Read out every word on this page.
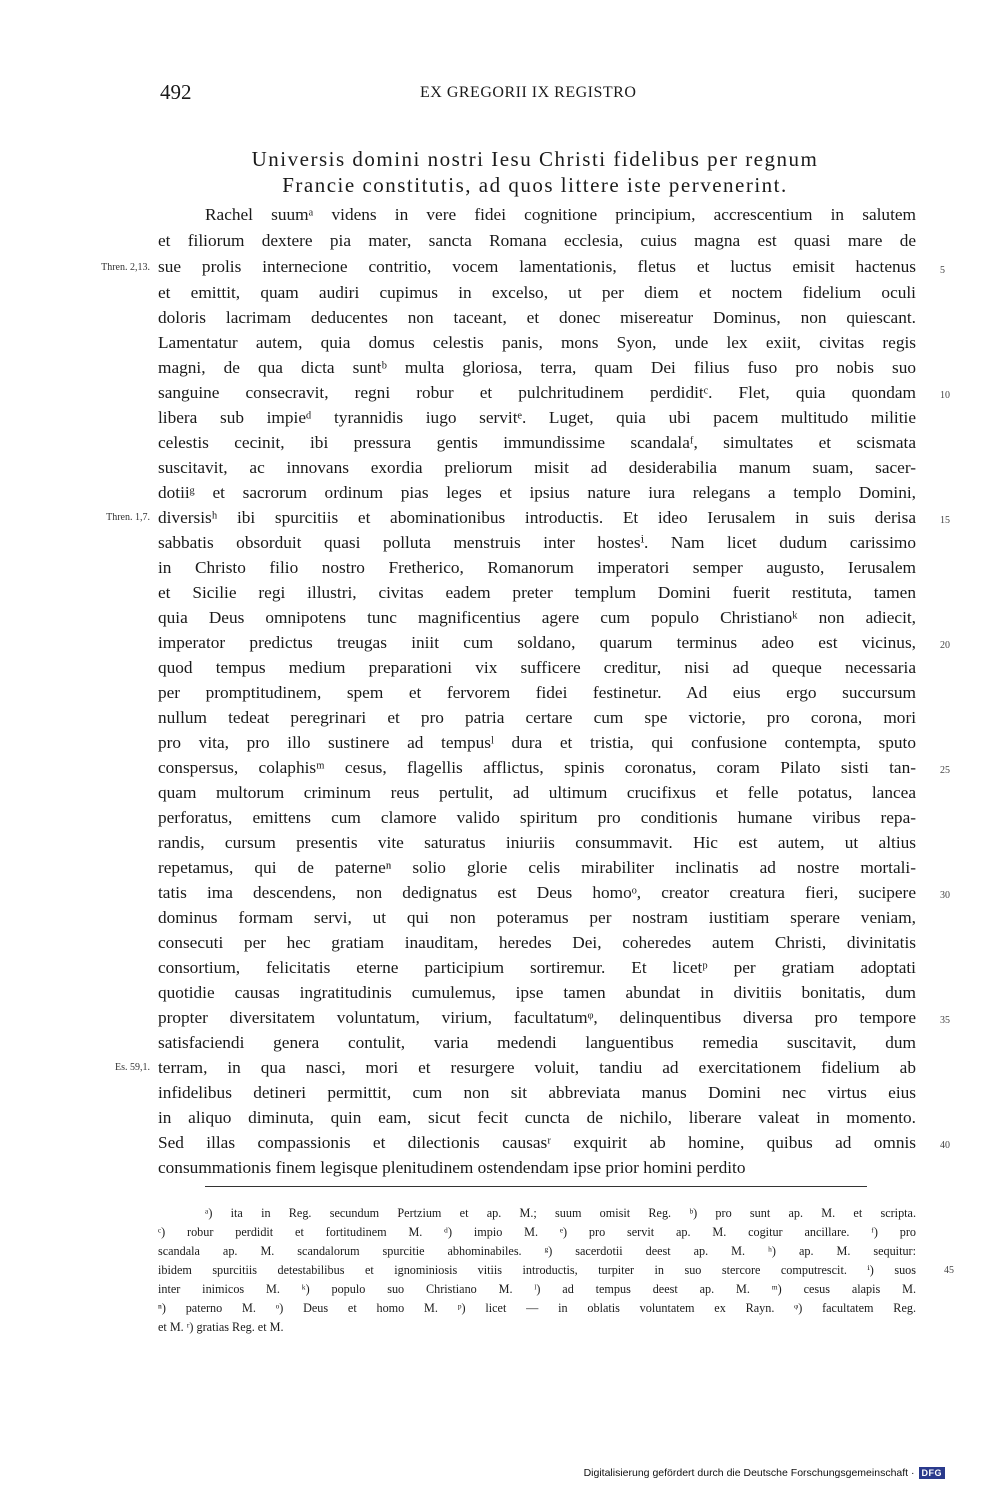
492	EX GREGORII IX REGISTRO
Universis domini nostri Iesu Christi fidelibus per regnum
Francie constitutis, ad quos littere iste pervenerint.
Rachel suumᵃ videns in vere fidei cognitione principium, accrescentium in salutem
et filiorum dextere pia mater, sancta Romana ecclesia, cuius magna est quasi mare de
sue prolis internecione contritio, vocem lamentationis, fletus et luctus emisit hactenus
et emittit, quam audiri cupimus in excelso, ut per diem et noctem fidelium oculi
doloris lacrimam deducentes non taceant, et donec misereatur Dominus, non quiescant.
Lamentatur autem, quia domus celestis panis, mons Syon, unde lex exiit, civitas regis
magni, de qua dicta suntᵇ multa gloriosa, terra, quam Dei filius fuso pro nobis suo
sanguine consecravit, regni robur et pulchritudinem perdiditᶜ. Flet, quia quondam
libera sub impieᵈ tyrannidis iugo servitᵉ. Luget, quia ubi pacem multitudo militie
celestis cecinit, ibi pressura gentis immundissime scandalaᶠ, simultates et scismata
suscitavit, ac innovans exordia preliorum misit ad desiderabilia manum suam, sacer-
dotiiᵍ et sacrorum ordinum pias leges et ipsius nature iura relegans a templo Domini,
diversisʰ ibi spurcitiis et abominationibus introductis. Et ideo Ierusalem in suis derisa
sabbatis obsorduit quasi polluta menstruis inter hostesⁱ. Nam licet dudum carissimo
in Christo filio nostro Fretherico, Romanorum imperatori semper augusto, Ierusalem
et Sicilie regi illustri, civitas eadem preter templum Domini fuerit restituta, tamen
quia Deus omnipotens tunc magnificentius agere cum populo Christianoᵏ non adiecit,
imperator predictus treugas iniit cum soldano, quarum terminus adeo est vicinus,
quod tempus medium preparationi vix sufficere creditur, nisi ad queque necessaria
per promptitudinem, spem et fervorem fidei festinetur. Ad eius ergo succursum
nullum tedeat peregrinari et pro patria certare cum spe victorie, pro corona, mori
pro vita, pro illo sustinere ad tempusˡ dura et tristia, qui confusione contempta, sputo
conspersus, colaphisᵐ cesus, flagellis afflictus, spinis coronatus, coram Pilato sisti tan-
quam multorum criminum reus pertulit, ad ultimum crucifixus et felle potatus, lancea
perforatus, emittens cum clamore valido spiritum pro conditionis humane viribus repa-
randis, cursum presentis vite saturatus iniuriis consummavit. Hic est autem, ut altius
repetamus, qui de paterneⁿ solio glorie celis mirabiliter inclinatis ad nostre mortali-
tatis ima descendens, non dedignatus est Deus homoᵒ, creator creatura fieri, sucipere
dominus formam servi, ut qui non poteramus per nostram iustitiam sperare veniam,
consecuti per hec gratiam inauditam, heredes Dei, coheredes autem Christi, divinitatis
consortium, felicitatis eterne participium sortiremur. Et licetᵖ per gratiam adoptati
quotidie causas ingratitudinis cumulemus, ipse tamen abundat in divitiis bonitatis, dum
propter diversitatem voluntatum, virium, facultatumᵠ, delinquentibus diversa pro tempore
satisfaciendi genera contulit, varia medendi languentibus remedia suscitavit, dum
terram, in qua nasci, mori et resurgere voluit, tandiu ad exercitationem fidelium ab
infidelibus detineri permittit, cum non sit abbreviata manus Domini nec virtus eius
in aliquo diminuta, quin eam, sicut fecit cuncta de nichilo, liberare valeat in momento.
Sed illas compassionis et dilectionis causasʳ exquirit ab homine, quibus ad omnis
consummationis finem legisque plenitudinem ostendendam ipse prior homini perdito
5
10
15
20
25
30
35
40
Thren. 2,13.
Thren. 1,7.
Es. 59,1.
ᵃ) ita in Reg. secundum Pertzium et ap. M.; suum omisit Reg. ᵇ) pro sunt ap. M. et scripta.
ᶜ) robur perdidit et fortitudinem M. ᵈ) impio M. ᵉ) pro servit ap. M. cogitur ancillare. ᶠ) pro
scandala ap. M. scandalorum spurcitie abhominabiles. ᵍ) sacerdotii deest ap. M. ʰ) ap. M. sequitur:
ibidem spurcitiis detestabilibus et ignominiosis vitiis introductis, turpiter in suo stercore computrescit. ⁱ) suos
inter inimicos M. ᵏ) populo suo Christiano M. ˡ) ad tempus deest ap. M. ᵐ) cesus alapis M.
ⁿ) paterno M. ᵒ) Deus et homo M. ᵖ) licet — in oblatis voluntatem ex Rayn. ᵠ) facultatem Reg.
et M. ʳ) gratias Reg. et M.
45
Digitalisierung gefördert durch die Deutsche Forschungsgemeinschaft · DFG
